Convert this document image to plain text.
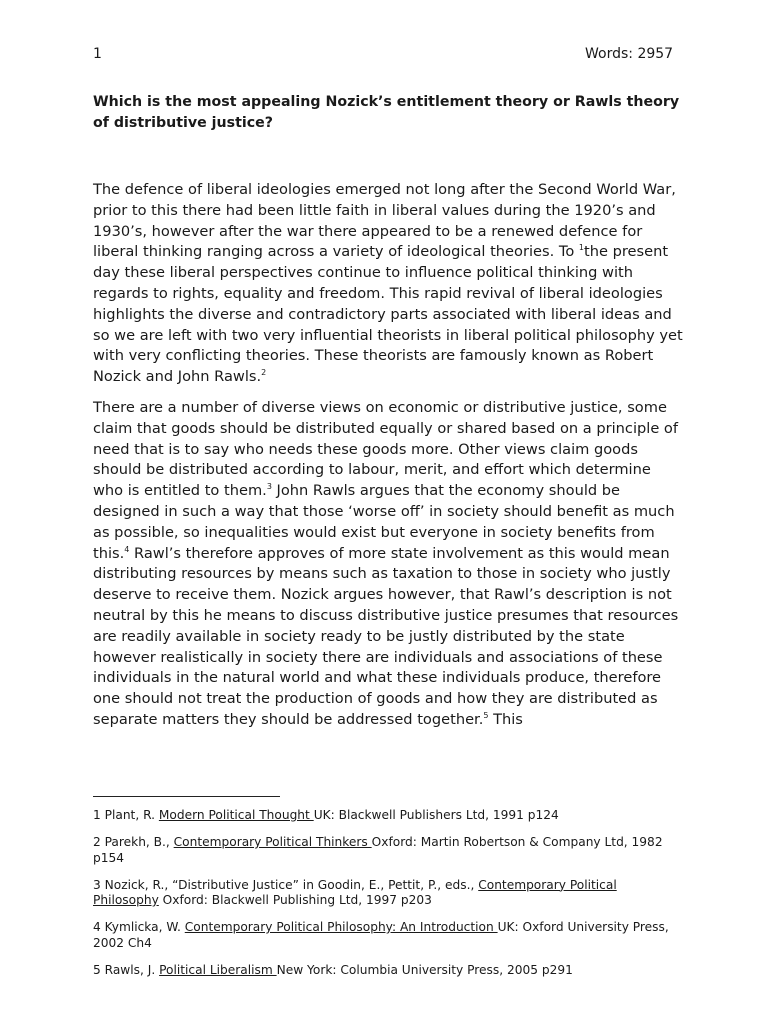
1	Words: 2957
Which is the most appealing Nozick’s entitlement theory or Rawls theory of distributive justice?

The defence of liberal ideologies emerged not long after the Second World War, prior to this there had been little faith in liberal values during the 1920’s and 1930’s, however after the war there appeared to be a renewed defence for liberal thinking ranging across a variety of ideological theories. To $^1$the present day these liberal perspectives continue to influence political thinking with regards to rights, equality and freedom. This rapid revival of liberal ideologies highlights the diverse and contradictory parts associated with liberal ideas and so we are left with two very influential theorists in liberal political philosophy yet with very conflicting theories. These theorists are famously known as Robert Nozick and John Rawls.$^2$

There are a number of diverse views on economic or distributive justice, some claim that goods should be distributed equally or shared based on a principle of need that is to say who needs these goods more. Other views claim goods should be distributed according to labour, merit, and effort which determine who is entitled to them.$^3$ John Rawls argues that the economy should be designed in such a way that those ‘worse off’ in society should benefit as much as possible, so inequalities would exist but everyone in society benefits from this.$^4$ Rawl’s therefore approves of more state involvement as this would mean distributing resources by means such as taxation to those in society who justly deserve to receive them. Nozick argues however, that Rawl’s description is not neutral by this he means to discuss distributive justice presumes that resources are readily available in society ready to be justly distributed by the state however realistically in society there are individuals and associations of these individuals in the natural world and what these individuals produce, therefore one should not treat the production of goods and how they are distributed as separate matters they should be addressed together.$^5$ This

1 Plant, R. Modern Political Thought UK: Blackwell Publishers Ltd, 1991 p124

2 Parekh, B., Contemporary Political Thinkers Oxford: Martin Robertson & Company Ltd, 1982 p154

3 Nozick, R., “Distributive Justice” in Goodin, E., Pettit, P., eds., Contemporary Political Philosophy Oxford: Blackwell Publishing Ltd, 1997 p203

4 Kymlicka, W. Contemporary Political Philosophy: An Introduction UK: Oxford University Press, 2002 Ch4

5 Rawls, J. Political Liberalism New York: Columbia University Press, 2005 p291
